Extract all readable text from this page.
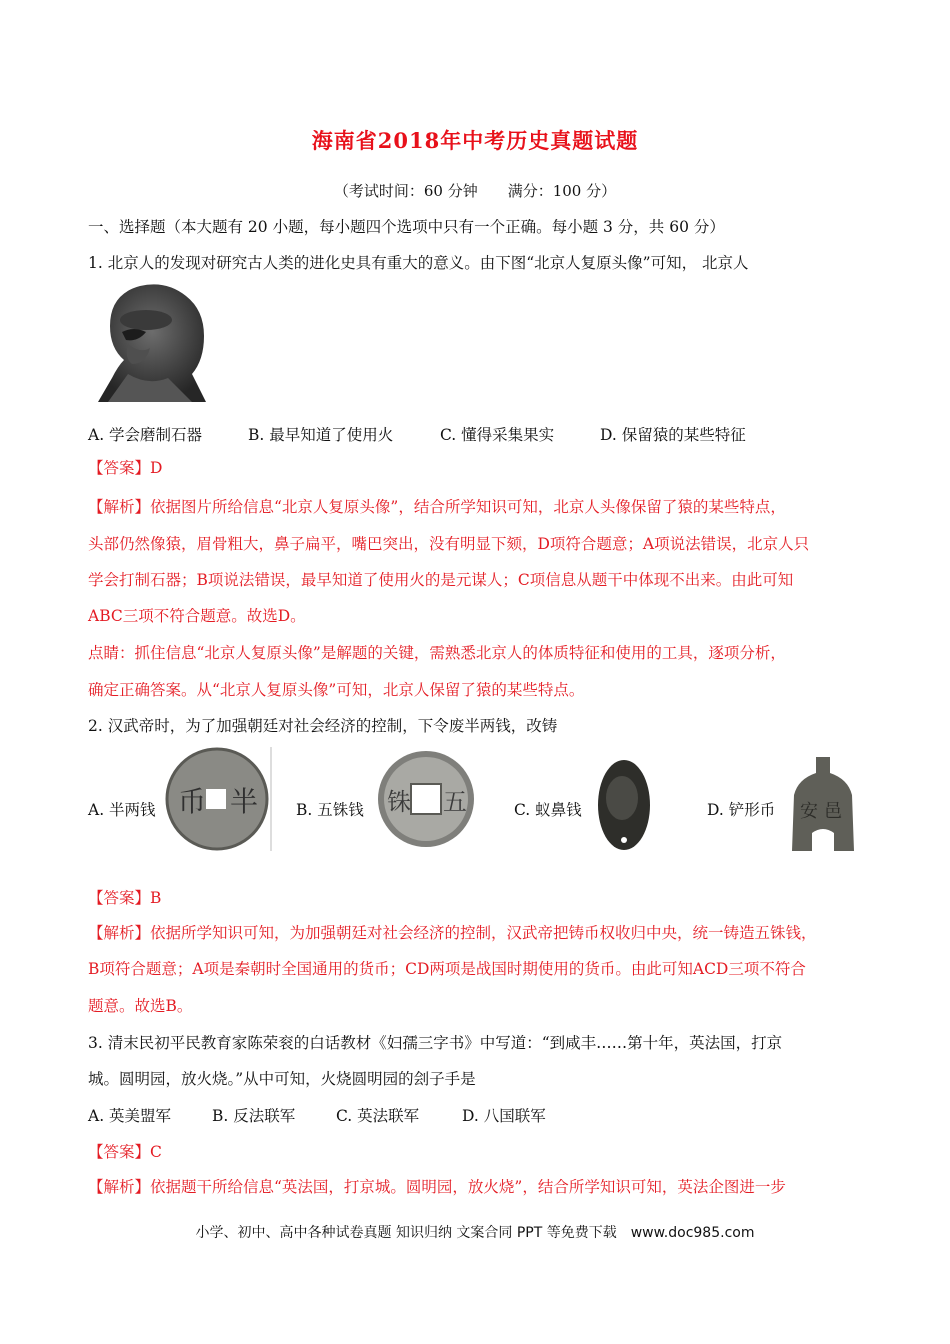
海南省2018年中考历史真题试题
（考试时间：60 分钟　　满分：100 分）
一、选择题（本大题有 20 小题，每小题四个选项中只有一个正确。每小题 3 分，共 60 分）
1. 北京人的发现对研究古人类的进化史具有重大的意义。由下图“北京人复原头像”可知， 北京人
A. 学会磨制石器	B. 最早知道了使用火	C. 懂得采集果实	D. 保留猿的某些特征
【答案】D
【解析】依据图片所给信息“北京人复原头像”，结合所学知识可知，北京人头像保留了猿的某些特点，
头部仍然像猿，眉骨粗大，鼻子扁平，嘴巴突出，没有明显下颏，D项符合题意；A项说法错误，北京人只
学会打制石器；B项说法错误，最早知道了使用火的是元谋人；C项信息从题干中体现不出来。由此可知
ABC三项不符合题意。故选D。
点睛：抓住信息“北京人复原头像”是解题的关键，需熟悉北京人的体质特征和使用的工具，逐项分析，
确定正确答案。从“北京人复原头像”可知，北京人保留了猿的某些特点。
2. 汉武帝时，为了加强朝廷对社会经济的控制，下令废半两钱，改铸
A. 半两钱 币 半 B. 五铢钱 铢 五	C. 蚁鼻钱	D. 铲形币 安 邑
【答案】B
【解析】依据所学知识可知，为加强朝廷对社会经济的控制，汉武帝把铸币权收归中央，统一铸造五铢钱，
B项符合题意；A项是秦朝时全国通用的货币；CD两项是战国时期使用的货币。由此可知ACD三项不符合
题意。故选B。
3. 清末民初平民教育家陈荣衮的白话教材《妇孺三字书》中写道：“到咸丰……第十年，英法国，打京
城。圆明园，放火烧。”从中可知，火烧圆明园的刽子手是
A. 英美盟军	B. 反法联军	C. 英法联军	D. 八国联军
【答案】C
【解析】依据题干所给信息“英法国，打京城。圆明园，放火烧”，结合所学知识可知，英法企图进一步
小学、初中、高中各种试卷真题 知识归纳 文案合同 PPT 等免费下载　www.doc985.com
